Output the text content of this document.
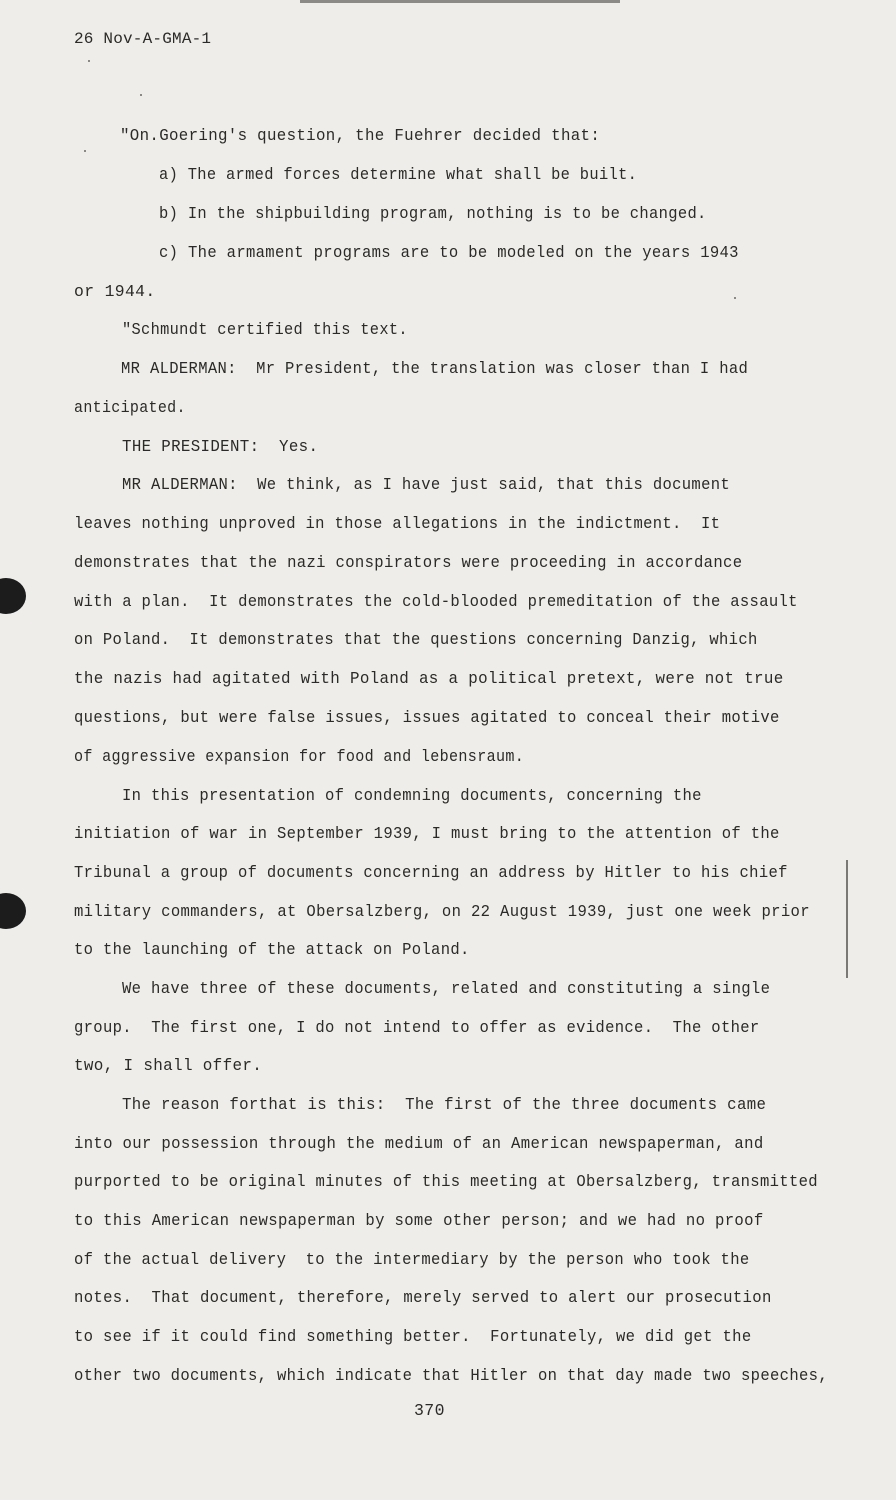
26 Nov-A-GMA-1
"On.Goering's question, the Fuehrer decided that:
a) The armed forces determine what shall be built.
b) In the shipbuilding program, nothing is to be changed.
c) The armament programs are to be modeled on the years 1943
or 1944.
"Schmundt certified this text.
MR ALDERMAN:  Mr President, the translation was closer than I had
anticipated.
THE PRESIDENT:  Yes.
MR ALDERMAN:  We think, as I have just said, that this document
leaves nothing unproved in those allegations in the indictment.  It
demonstrates that the nazi conspirators were proceeding in accordance
with a plan.  It demonstrates the cold-blooded premeditation of the assault
on Poland.  It demonstrates that the questions concerning Danzig, which
the nazis had agitated with Poland as a political pretext, were not true
questions, but were false issues, issues agitated to conceal their motive
of aggressive expansion for food and lebensraum.
In this presentation of condemning documents, concerning the
initiation of war in September 1939, I must bring to the attention of the
Tribunal a group of documents concerning an address by Hitler to his chief
military commanders, at Obersalzberg, on 22 August 1939, just one week prior
to the launching of the attack on Poland.
We have three of these documents, related and constituting a single
group.  The first one, I do not intend to offer as evidence.  The other
two, I shall offer.
The reason forthat is this:  The first of the three documents came
into our possession through the medium of an American newspaperman, and
purported to be original minutes of this meeting at Obersalzberg, transmitted
to this American newspaperman by some other person; and we had no proof
of the actual delivery  to the intermediary by the person who took the
notes.  That document, therefore, merely served to alert our prosecution
to see if it could find something better.  Fortunately, we did get the
other two documents, which indicate that Hitler on that day made two speeches,
370
